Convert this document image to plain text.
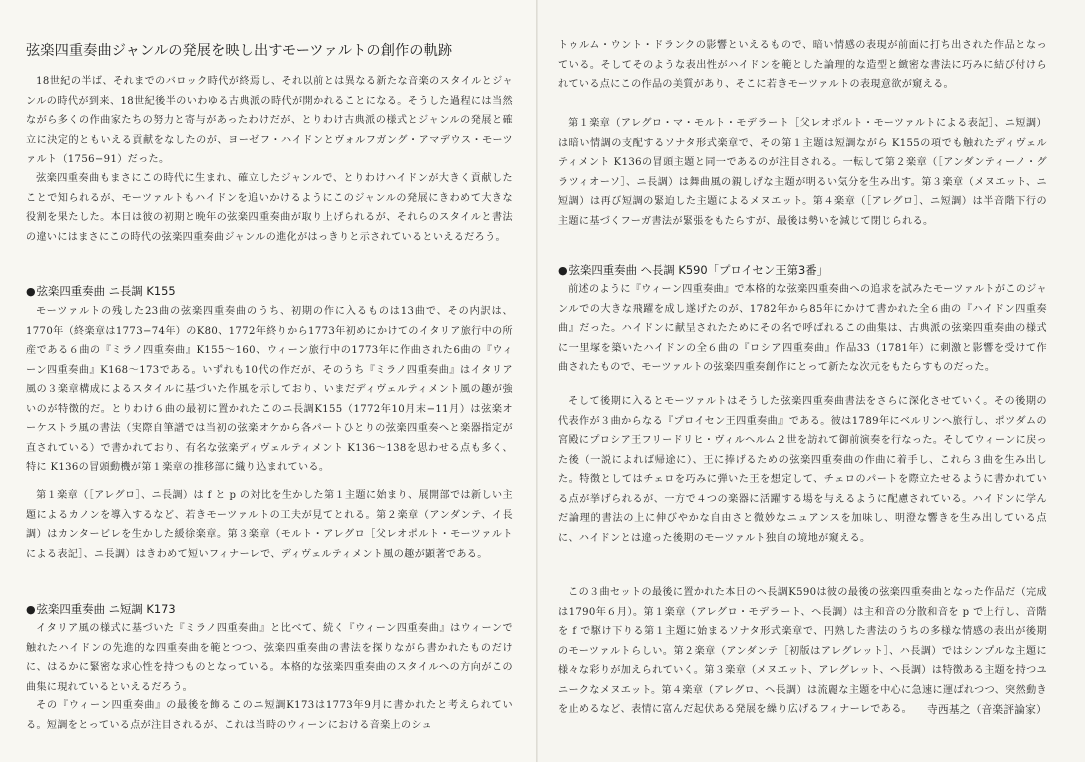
弦楽四重奏曲ジャンルの発展を映し出すモーツァルトの創作の軌跡

18世紀の半ば、それまでのバロック時代が終焉し、それ以前とは異なる新たな音楽のスタイルとジャンルの時代が到来、18世紀後半のいわゆる古典派の時代が開かれることになる。そうした過程には当然ながら多くの作曲家たちの努力と寄与があったわけだが、とりわけ古典派の様式とジャンルの発展と確立に決定的ともいえる貢献をなしたのが、ヨーゼフ・ハイドンとヴォルフガング・アマデウス・モーツァルト（1756−91）だった。

弦楽四重奏曲もまさにこの時代に生まれ、確立したジャンルで、とりわけハイドンが大きく貢献したことで知られるが、モーツァルトもハイドンを追いかけるようにこのジャンルの発展にきわめて大きな役割を果たした。本日は彼の初期と晩年の弦楽四重奏曲が取り上げられるが、それらのスタイルと書法の違いにはまさにこの時代の弦楽四重奏曲ジャンルの進化がはっきりと示されているといえるだろう。

●弦楽四重奏曲 ニ長調 K155

モーツァルトの残した23曲の弦楽四重奏曲のうち、初期の作に入るものは13曲で、その内訳は、1770年（終楽章は1773−74年）のK80、1772年終りから1773年初めにかけてのイタリア旅行中の所産である６曲の『ミラノ四重奏曲』K155〜160、ウィーン旅行中の1773年に作曲された6曲の『ウィーン四重奏曲』K168〜173である。いずれも10代の作だが、そのうち『ミラノ四重奏曲』はイタリア風の３楽章構成によるスタイルに基づいた作風を示しており、いまだディヴェルティメント風の趣が強いのが特徴的だ。とりわけ６曲の最初に置かれたこのニ長調K155（1772年10月末−11月）は弦楽オーケストラ風の書法（実際自筆譜では当初の弦楽オケから各パートひとりの弦楽四重奏へと楽器指定が直されている）で書かれており、有名な弦楽ディヴェルティメント K136〜138を思わせる点も多く、特に K136の冒頭動機が第１楽章の推移部に織り込まれている。

第１楽章（［アレグロ］、ニ長調）は f と p の対比を生かした第１主題に始まり、展開部では新しい主題によるカノンを導入するなど、若きモーツァルトの工夫が見てとれる。第２楽章（アンダンテ、イ長調）はカンタービレを生かした緩徐楽章。第３楽章（モルト・アレグロ［父レオポルト・モーツァルトによる表記］、ニ長調）はきわめて短いフィナーレで、ディヴェルティメント風の趣が顕著である。

●弦楽四重奏曲 ニ短調 K173

イタリア風の様式に基づいた『ミラノ四重奏曲』と比べて、続く『ウィーン四重奏曲』はウィーンで触れたハイドンの先進的な四重奏曲を範とつつ、弦楽四重奏曲の書法を探りながら書かれたものだけに、はるかに緊密な求心性を持つものとなっている。本格的な弦楽四重奏曲のスタイルへの方向がこの曲集に現れているといえるだろう。

その『ウィーン四重奏曲』の最後を飾るこのニ短調K173は1773年9月に書かれたと考えられている。短調をとっている点が注目されるが、これは当時のウィーンにおける音楽上のシュ

トゥルム・ウント・ドランクの影響といえるもので、暗い情感の表現が前面に打ち出された作品となっている。そしてそのような表出性がハイドンを範とした論理的な造型と緻密な書法に巧みに結び付けられている点にこの作品の美質があり、そこに若きモーツァルトの表現意欲が窺える。

第１楽章（アレグロ・マ・モルト・モデラート［父レオポルト・モーツァルトによる表記］、ニ短調）は暗い情調の支配するソナタ形式楽章で、その第１主題は短調ながら K155の項でも触れたディヴェルティメント K136の冒頭主題と同一であるのが注目される。一転して第２楽章（［アンダンティーノ・グラツィオーソ］、ニ長調）は舞曲風の親しげな主題が明るい気分を生み出す。第３楽章（メヌエット、ニ短調）は再び短調の緊迫した主題によるメヌエット。第４楽章（［アレグロ］、ニ短調）は半音階下行の主題に基づくフーガ書法が緊張をもたらすが、最後は勢いを減じて閉じられる。

●弦楽四重奏曲 ヘ長調 K590「プロイセン王第3番」

前述のように『ウィーン四重奏曲』で本格的な弦楽四重奏曲への追求を試みたモーツァルトがこのジャンルでの大きな飛躍を成し遂げたのが、1782年から85年にかけて書かれた全６曲の『ハイドン四重奏曲』だった。ハイドンに献呈されたためにその名で呼ばれるこの曲集は、古典派の弦楽四重奏曲の様式に一里塚を築いたハイドンの全６曲の『ロシア四重奏曲』作品33（1781年）に刺激と影響を受けて作曲されたもので、モーツァルトの弦楽四重奏創作にとって新たな次元をもたらすものだった。

そして後期に入るとモーツァルトはそうした弦楽四重奏曲書法をさらに深化させていく。その後期の代表作が３曲からなる『プロイセン王四重奏曲』である。彼は1789年にベルリンへ旅行し、ポツダムの宮殿にプロシア王フリードリヒ・ヴィルヘルム２世を訪れて御前演奏を行なった。そしてウィーンに戻った後（一説によれば帰途に）、王に捧げるための弦楽四重奏曲の作曲に着手し、これら３曲を生み出した。特徴としてはチェロを巧みに弾いた王を想定して、チェロのパートを際立たせるように書かれている点が挙げられるが、一方で４つの楽器に活躍する場を与えるように配慮されている。ハイドンに学んだ論理的書法の上に伸びやかな自由さと微妙なニュアンスを加味し、明澄な響きを生み出している点に、ハイドンとは違った後期のモーツァルト独自の境地が窺える。

この３曲セットの最後に置かれた本日のヘ長調K590は彼の最後の弦楽四重奏曲となった作品だ（完成は1790年６月）。第１楽章（アレグロ・モデラート、ヘ長調）は主和音の分散和音を p で上行し、音階を f で駆け下りる第１主題に始まるソナタ形式楽章で、円熟した書法のうちの多様な情感の表出が後期のモーツァルトらしい。第２楽章（アンダンテ［初版はアレグレット］、ハ長調）ではシンプルな主題に様々な彩りが加えられていく。第３楽章（メヌエット、アレグレット、ヘ長調）は特徴ある主題を持つユニークなメヌエット。第４楽章（アレグロ、ヘ長調）は流麗な主題を中心に急速に運ばれつつ、突然動きを止めるなど、表情に富んだ起伏ある発展を繰り広げるフィナーレである。	寺西基之（音楽評論家）
